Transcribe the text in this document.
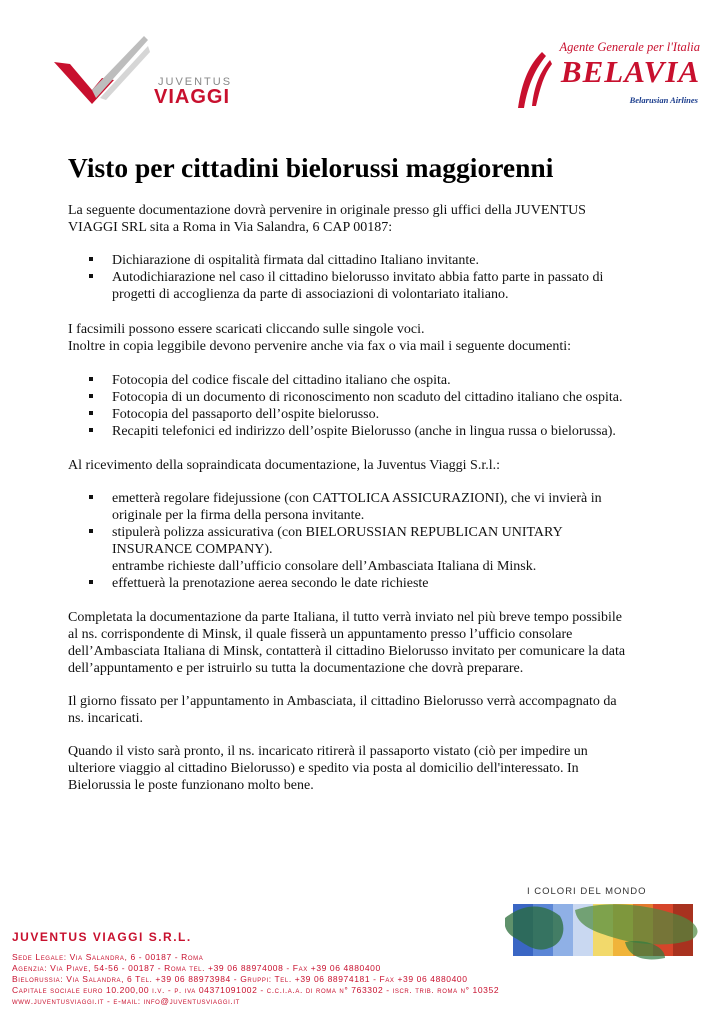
JUVENTUS
VIAGGI
Agente Generale per l'Italia
BELAVIA
Belarusian Airlines
Visto per cittadini bielorussi maggiorenni
La seguente documentazione dovrà pervenire in originale presso gli uffici della JUVENTUS
VIAGGI SRL sita a Roma in Via Salandra, 6 CAP 00187:
Dichiarazione di ospitalità firmata dal cittadino Italiano invitante.
Autodichiarazione nel caso il cittadino bielorusso invitato abbia fatto parte in passato di
progetti di accoglienza da parte di associazioni di volontariato italiano.
I facsimili possono essere scaricati cliccando sulle singole voci.
Inoltre in copia leggibile devono pervenire anche via fax o via mail i seguente documenti:
Fotocopia del codice fiscale del cittadino italiano che ospita.
Fotocopia di un documento di riconoscimento non scaduto del cittadino italiano che ospita.
Fotocopia del passaporto dell’ospite bielorusso.
Recapiti telefonici ed indirizzo dell’ospite Bielorusso (anche in lingua russa o bielorussa).
Al ricevimento della sopraindicata documentazione, la Juventus Viaggi S.r.l.:
emetterà regolare fidejussione (con CATTOLICA ASSICURAZIONI), che vi invierà in
originale per la firma della persona invitante.
stipulerà polizza assicurativa (con BIELORUSSIAN REPUBLICAN UNITARY
INSURANCE COMPANY).
entrambe richieste dall’ufficio consolare dell’Ambasciata Italiana di Minsk.
effettuerà la prenotazione aerea secondo le date richieste
Completata la documentazione da parte Italiana, il tutto verrà inviato nel più breve tempo possibile
al ns. corrispondente di Minsk, il quale fisserà un appuntamento presso l’ufficio consolare
dell’Ambasciata Italiana di Minsk, contatterà il cittadino Bielorusso invitato per comunicare la data
dell’appuntamento e per istruirlo su tutta la documentazione che dovrà preparare.
Il giorno fissato per l’appuntamento in Ambasciata, il cittadino Bielorusso verrà accompagnato da
ns. incaricati.
Quando il visto sarà pronto, il ns. incaricato ritirerà il passaporto vistato (ciò per impedire un
ulteriore viaggio al cittadino Bielorusso) e spedito via posta al domicilio dell'interessato. In
Bielorussia le poste funzionano molto bene.
I COLORI DEL MONDO
JUVENTUS VIAGGI S.R.L.
Sede Legale: Via Salandra, 6 - 00187 - Roma
Agenzia: Via Piave, 54-56 - 00187 - Roma tel. +39 06 88974008 - Fax +39 06 4880400
Bielorussia: Via Salandra, 6 Tel. +39 06 88973984 - Gruppi: Tel. +39 06 88974181 - Fax +39 06 4880400
Capitale sociale euro 10.200,00 i.v. - p. iva 04371091002 - c.c.i.a.a. di roma n° 763302 - iscr. trib. roma n° 10352
www.juventusviaggi.it - e-mail: info@juventusviaggi.it
